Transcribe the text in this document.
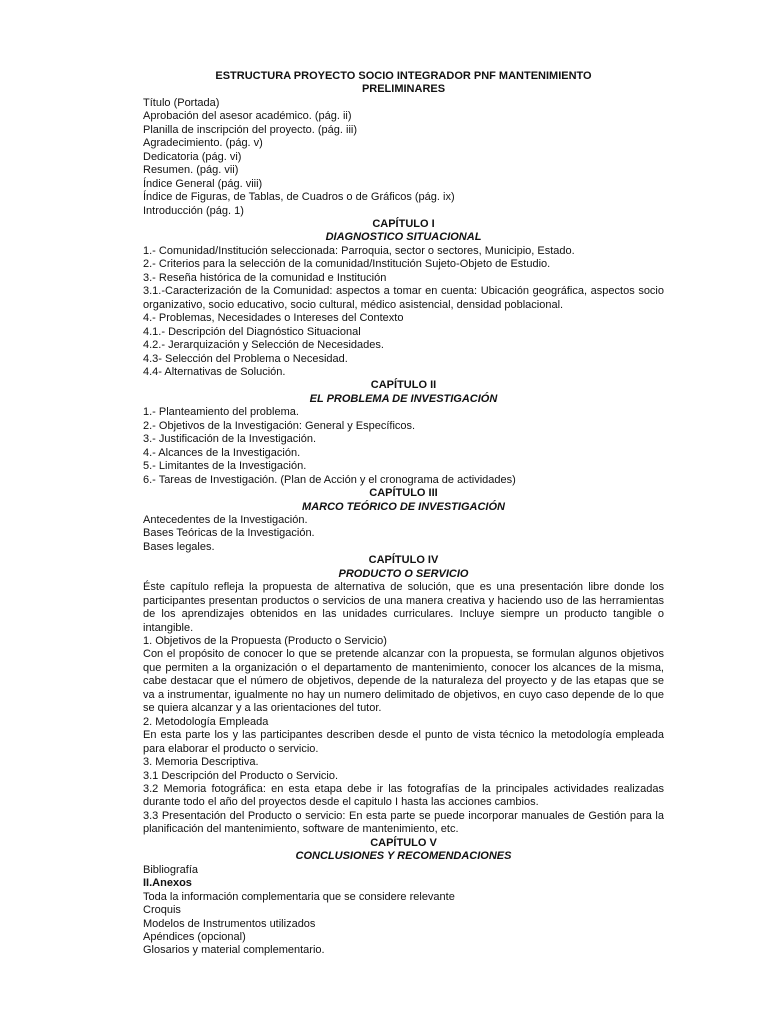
ESTRUCTURA PROYECTO SOCIO INTEGRADOR PNF MANTENIMIENTO
PRELIMINARES
Título (Portada)
Aprobación del asesor académico. (pág. ii)
Planilla de inscripción del proyecto. (pág. iii)
Agradecimiento. (pág. v)
Dedicatoria (pág. vi)
Resumen. (pág. vii)
Índice General (pág. viii)
Índice de Figuras, de Tablas, de Cuadros o de Gráficos (pág. ix)
Introducción (pág. 1)
CAPÍTULO I
DIAGNOSTICO SITUACIONAL
1.- Comunidad/Institución seleccionada: Parroquia, sector o sectores, Municipio, Estado.
2.- Criterios para la selección de la comunidad/Institución Sujeto-Objeto de Estudio.
3.- Reseña histórica de la comunidad e Institución
3.1.-Caracterización de la Comunidad: aspectos a tomar en cuenta: Ubicación geográfica, aspectos socio organizativo, socio educativo, socio cultural, médico asistencial, densidad poblacional.
4.- Problemas, Necesidades o Intereses del Contexto
4.1.- Descripción del Diagnóstico Situacional
4.2.- Jerarquización y Selección de Necesidades.
4.3- Selección del Problema o Necesidad.
4.4- Alternativas de Solución.
CAPÍTULO II
EL PROBLEMA DE INVESTIGACIÓN
1.- Planteamiento del problema.
2.- Objetivos de la Investigación: General y Específicos.
3.- Justificación de la Investigación.
4.- Alcances de la Investigación.
5.- Limitantes de la Investigación.
6.- Tareas de Investigación. (Plan de Acción y el cronograma de actividades)
CAPÍTULO III
MARCO TEÓRICO DE INVESTIGACIÓN
Antecedentes de la Investigación.
Bases Teóricas de la Investigación.
Bases legales.
CAPÍTULO IV
PRODUCTO O SERVICIO
Éste capítulo refleja la propuesta de alternativa de solución, que es una presentación libre donde los participantes presentan productos o servicios de una manera creativa y haciendo uso de las herramientas de los aprendizajes obtenidos en las unidades curriculares. Incluye siempre un producto tangible o intangible.
1. Objetivos de la Propuesta (Producto o Servicio)
Con el propósito de conocer lo que se pretende alcanzar con la propuesta, se formulan algunos objetivos que permiten a la organización o el departamento de mantenimiento, conocer los alcances de la misma, cabe destacar que el número de objetivos, depende de la naturaleza del proyecto y de las etapas que se va a instrumentar, igualmente no hay un numero delimitado de objetivos, en cuyo caso depende de lo que se quiera alcanzar y a las orientaciones del tutor.
2. Metodología Empleada
En esta parte los y las participantes describen desde el punto de vista técnico la metodología empleada para elaborar el producto o servicio.
3. Memoria Descriptiva.
3.1 Descripción del Producto o Servicio.
3.2 Memoria fotográfica: en esta etapa debe ir las fotografías de la principales actividades realizadas durante todo el año del proyectos desde el capitulo I hasta las acciones cambios.
3.3 Presentación del Producto o servicio: En esta parte se puede incorporar manuales de Gestión para la planificación del mantenimiento, software de mantenimiento, etc.
CAPÍTULO V
CONCLUSIONES Y RECOMENDACIONES
Bibliografía
II.Anexos
Toda la información complementaria que se considere relevante
Croquis
Modelos de Instrumentos utilizados
Apéndices (opcional)
Glosarios y material complementario.
